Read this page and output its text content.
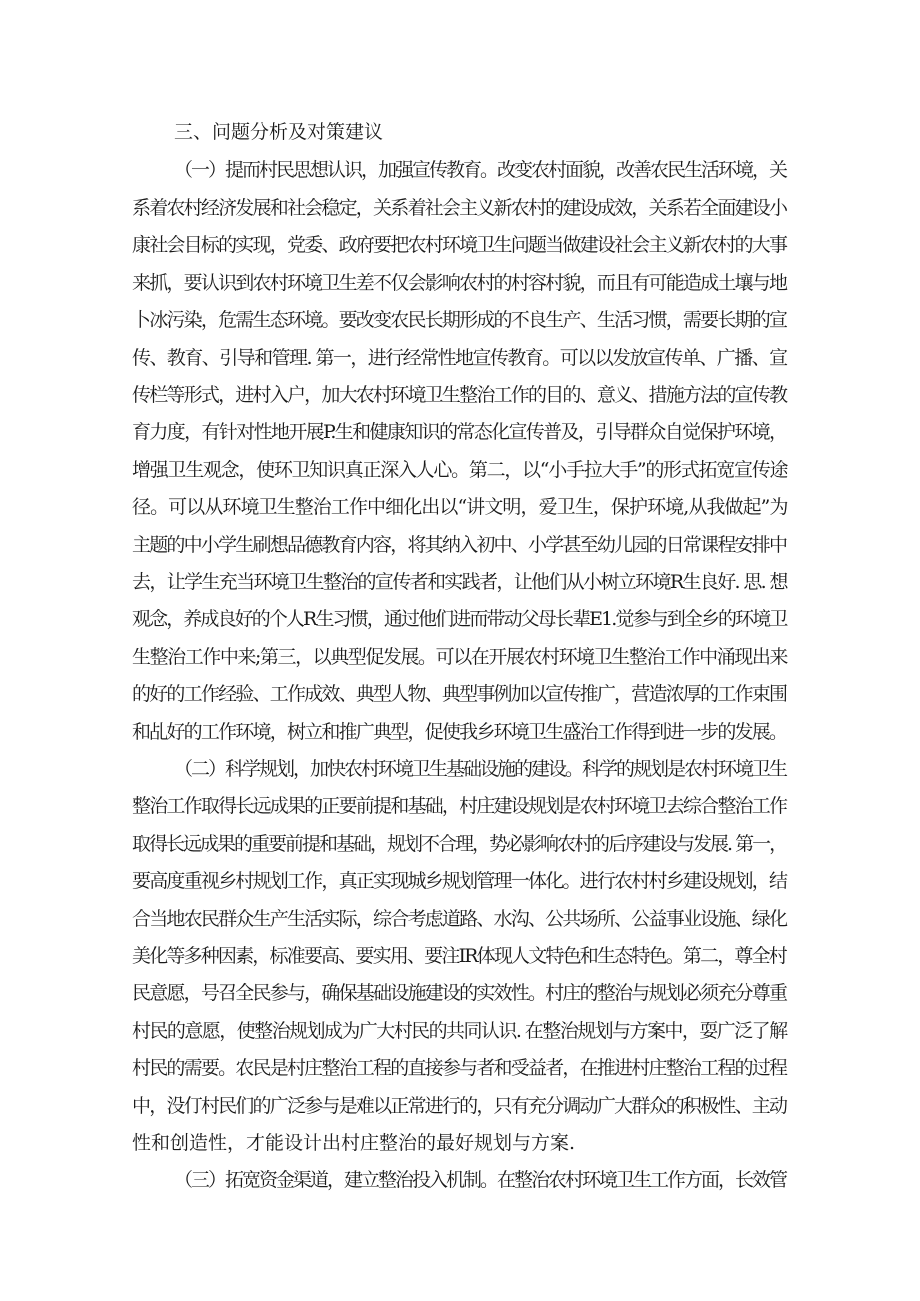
三、问题分析及对策建议
（一）提而村民思想认识，加强宣传教育。改变农村面貌，改善农民生活环境，关
系着农村经济发展和社会稳定，关系着社会主义新农村的建设成效，关系若全面建设小
康社会目标的实现，党委、政府要把农村环境卫生问题当做建设社会主义新农村的大事
来抓，要认识到农村环境卫生差不仅会影响农村的村容村貌，而且有可能造成土壤与地
卜冰污染，危需生态环境。要改变农民长期形成的不良生产、生活习惯，需要长期的宣
传、教育、引导和管理. 第一，进行经常性地宣传教育。可以以发放宣传单、广播、宣
传栏等形式，进村入户，加大农村环境卫生整治工作的目的、意义、措施方法的宣传教
育力度，有针对性地开展P.生和健康知识的常态化宣传普及，引导群众自觉保护环境，
增强卫生观念，使环卫知识真正深入人心。第二，以“小手拉大手”的形式拓宽宣传途
径。可以从环境卫生整治工作中细化出以“讲文明，爱卫生，保护环境,从我做起”为
主题的中小学生刷想品德教育内容，将其纳入初中、小学甚至幼儿园的日常课程安排中
去，让学生充当环境卫生整治的宣传者和实践者，让他们从小树立环境R生良好. 思. 想
观念，养成良好的个人R生习惯，通过他们进而带动父母长辈E1.觉参与到全乡的环境卫
生整治工作中来;第三，以典型促发展。可以在开展农村环境卫生整治工作中涌现出来
的好的工作经验、工作成效、典型人物、典型事例加以宣传推广，营造浓厚的工作束围
和乩好的工作环境，树立和推广典型，促使我乡环境卫生盛治工作得到进一步的发展。
（二）科学规划，加快农村环境卫生基础设施的建设。科学的规划是农村环境卫生
整治工作取得长远成果的正要前提和基础，村庄建设规划是农村环境卫去综合整治工作
取得长远成果的重要前提和基础，规划不合理，势必影响农村的后序建设与发展. 第一，
要高度重视乡村规划工作，真正实现城乡规划管理一体化。进行农村村乡建设规划，结
合当地农民群众生产生活实际，综合考虑道路、水沟、公共场所、公益事业设施、绿化
美化等多种因素，标准要高、要实用、要注IR体现人文特色和生态特色。第二，尊全村
民意愿，号召全民参与，确保基础设施建设的实效性。村庄的整治与规划必须充分尊重
村民的意愿，使整治规划成为广大村民的共同认识. 在整治规划与方案中，耍广泛了解
村民的需要。农民是村庄整治工程的直接参与者和受益者，在推进村庄整治工程的过程
中，没仃村民们的广泛参与是难以正常进行的，只有充分调动广大群众的积极性、主动
性和创造性，才能设计出村庄整治的最好规划与方案.
（三）拓宽资金渠道，建立整治投入机制。在整治农村环境卫生工作方面，长效管
